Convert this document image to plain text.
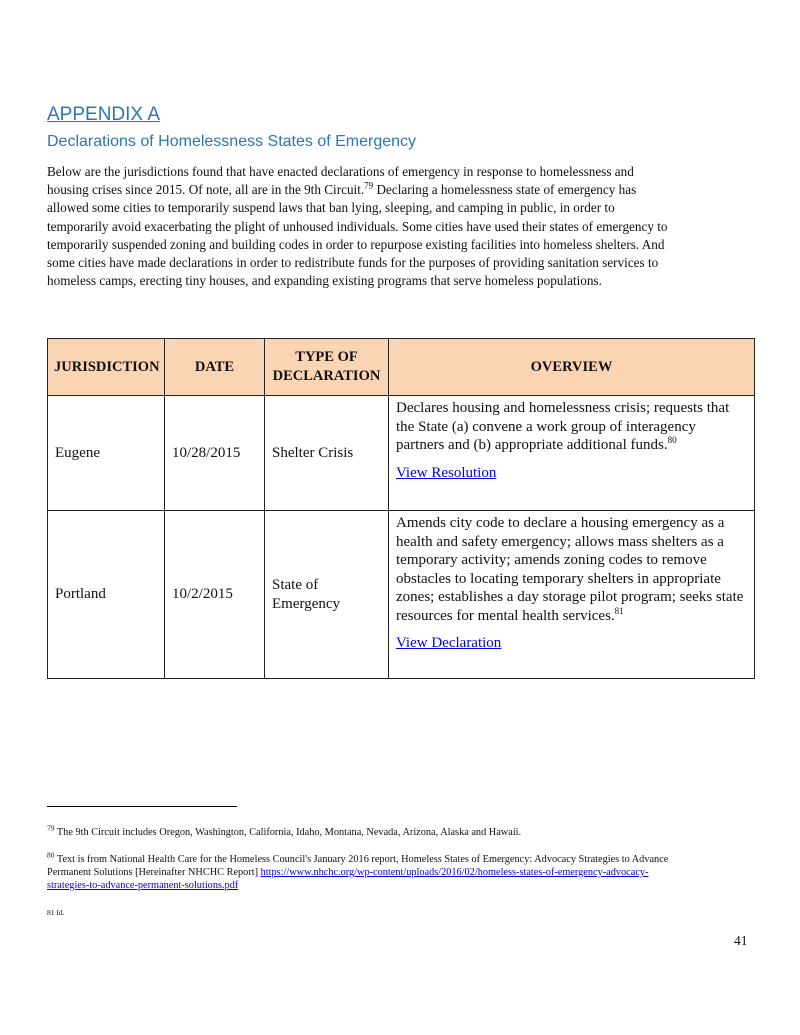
APPENDIX A
Declarations of Homelessness States of Emergency

Below are the jurisdictions found that have enacted declarations of emergency in response to homelessness and housing crises since 2015. Of note, all are in the 9th Circuit.$^{79}$ Declaring a homelessness state of emergency has allowed some cities to temporarily suspend laws that ban lying, sleeping, and camping in public, in order to temporarily avoid exacerbating the plight of unhoused individuals. Some cities have used their states of emergency to temporarily suspended zoning and building codes in order to repurpose existing facilities into homeless shelters. And some cities have made declarations in order to redistribute funds for the purposes of providing sanitation services to homeless camps, erecting tiny houses, and expanding existing programs that serve homeless populations.

JURISDICTION	DATE	TYPE OF DECLARATION	OVERVIEW
Eugene	10/28/2015	Shelter Crisis	Declares housing and homelessness crisis; requests that the State (a) convene a work group of interagency partners and (b) appropriate additional funds.$^{80}$
View Resolution
Portland	10/2/2015	State of Emergency	Amends city code to declare a housing emergency as a health and safety emergency; allows mass shelters as a temporary activity; amends zoning codes to remove obstacles to locating temporary shelters in appropriate zones; establishes a day storage pilot program; seeks state resources for mental health services.$^{81}$
View Declaration

$^{79}$ The 9th Circuit includes Oregon, Washington, California, Idaho, Montana, Nevada, Arizona, Alaska and Hawaii.

$^{80}$ Text is from National Health Care for the Homeless Council's January 2016 report, Homeless States of Emergency: Advocacy Strategies to Advance Permanent Solutions [Hereinafter NHCHC Report] https://www.nhchc.org/wp-content/uploads/2016/02/homeless-states-of-emergency-advocacy-strategies-to-advance-permanent-solutions.pdf

81 Id.

41
